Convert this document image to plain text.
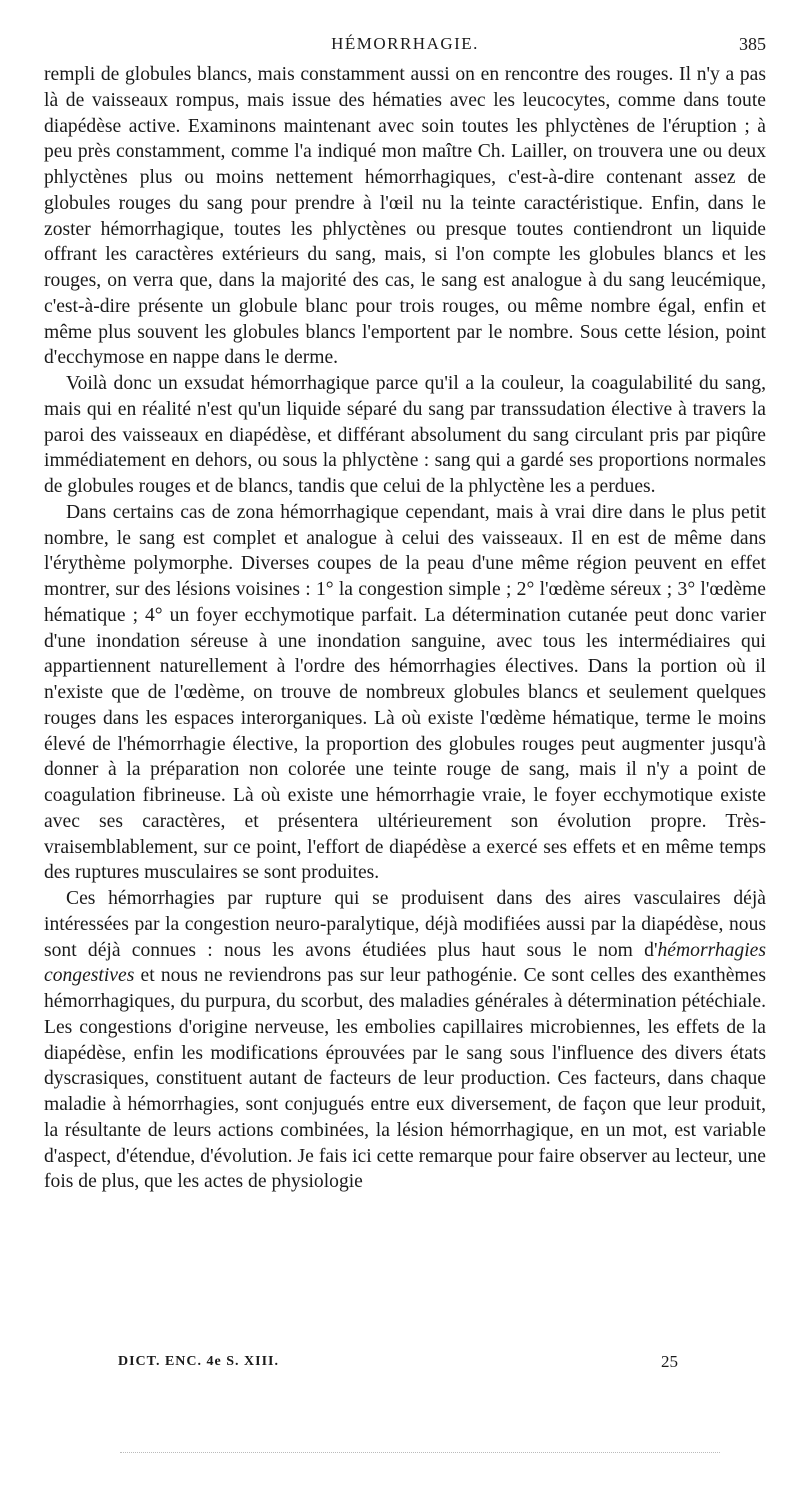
HÉMORRHAGIE.	385

rempli de globules blancs, mais constamment aussi on en rencontre des rouges. Il n'y a pas là de vaisseaux rompus, mais issue des hématies avec les leucocytes, comme dans toute diapédèse active. Examinons maintenant avec soin toutes les phlyctènes de l'éruption ; à peu près constamment, comme l'a indiqué mon maître Ch. Lailler, on trouvera une ou deux phlyctènes plus ou moins nettement hémorrhagiques, c'est-à-dire contenant assez de globules rouges du sang pour prendre à l'œil nu la teinte caractéristique. Enfin, dans le zoster hémorrhagique, toutes les phlyctènes ou presque toutes contiendront un liquide offrant les caractères extérieurs du sang, mais, si l'on compte les globules blancs et les rouges, on verra que, dans la majorité des cas, le sang est analogue à du sang leucémique, c'est-à-dire présente un globule blanc pour trois rouges, ou même nombre égal, enfin et même plus souvent les globules blancs l'emportent par le nombre. Sous cette lésion, point d'ecchymose en nappe dans le derme.

Voilà donc un exsudat hémorrhagique parce qu'il a la couleur, la coagulabilité du sang, mais qui en réalité n'est qu'un liquide séparé du sang par transsudation élective à travers la paroi des vaisseaux en diapédèse, et différant absolument du sang circulant pris par piqûre immédiatement en dehors, ou sous la phlyctène : sang qui a gardé ses proportions normales de globules rouges et de blancs, tandis que celui de la phlyctène les a perdues.

Dans certains cas de zona hémorrhagique cependant, mais à vrai dire dans le plus petit nombre, le sang est complet et analogue à celui des vaisseaux. Il en est de même dans l'érythème polymorphe. Diverses coupes de la peau d'une même région peuvent en effet montrer, sur des lésions voisines : 1° la congestion simple ; 2° l'œdème séreux ; 3° l'œdème hématique ; 4° un foyer ecchymotique parfait. La détermination cutanée peut donc varier d'une inondation séreuse à une inondation sanguine, avec tous les intermédiaires qui appartiennent naturellement à l'ordre des hémorrhagies électives. Dans la portion où il n'existe que de l'œdème, on trouve de nombreux globules blancs et seulement quelques rouges dans les espaces interorganiques. Là où existe l'œdème hématique, terme le moins élevé de l'hémorrhagie élective, la proportion des globules rouges peut augmenter jusqu'à donner à la préparation non colorée une teinte rouge de sang, mais il n'y a point de coagulation fibrineuse. Là où existe une hémorrhagie vraie, le foyer ecchymotique existe avec ses caractères, et présentera ultérieurement son évolution propre. Très-vraisemblablement, sur ce point, l'effort de diapédèse a exercé ses effets et en même temps des ruptures musculaires se sont produites.

Ces hémorrhagies par rupture qui se produisent dans des aires vasculaires déjà intéressées par la congestion neuro-paralytique, déjà modifiées aussi par la diapédèse, nous sont déjà connues : nous les avons étudiées plus haut sous le nom d'hémorrhagies congestives et nous ne reviendrons pas sur leur pathogénie. Ce sont celles des exanthèmes hémorrhagiques, du purpura, du scorbut, des maladies générales à détermination pétéchiale. Les congestions d'origine nerveuse, les embolies capillaires microbiennes, les effets de la diapédèse, enfin les modifications éprouvées par le sang sous l'influence des divers états dyscrasiques, constituent autant de facteurs de leur production. Ces facteurs, dans chaque maladie à hémorrhagies, sont conjugués entre eux diversement, de façon que leur produit, la résultante de leurs actions combinées, la lésion hémorrhagique, en un mot, est variable d'aspect, d'étendue, d'évolution. Je fais ici cette remarque pour faire observer au lecteur, une fois de plus, que les actes de physiologie

DICT. ENC. 4e S. XIII.	25
